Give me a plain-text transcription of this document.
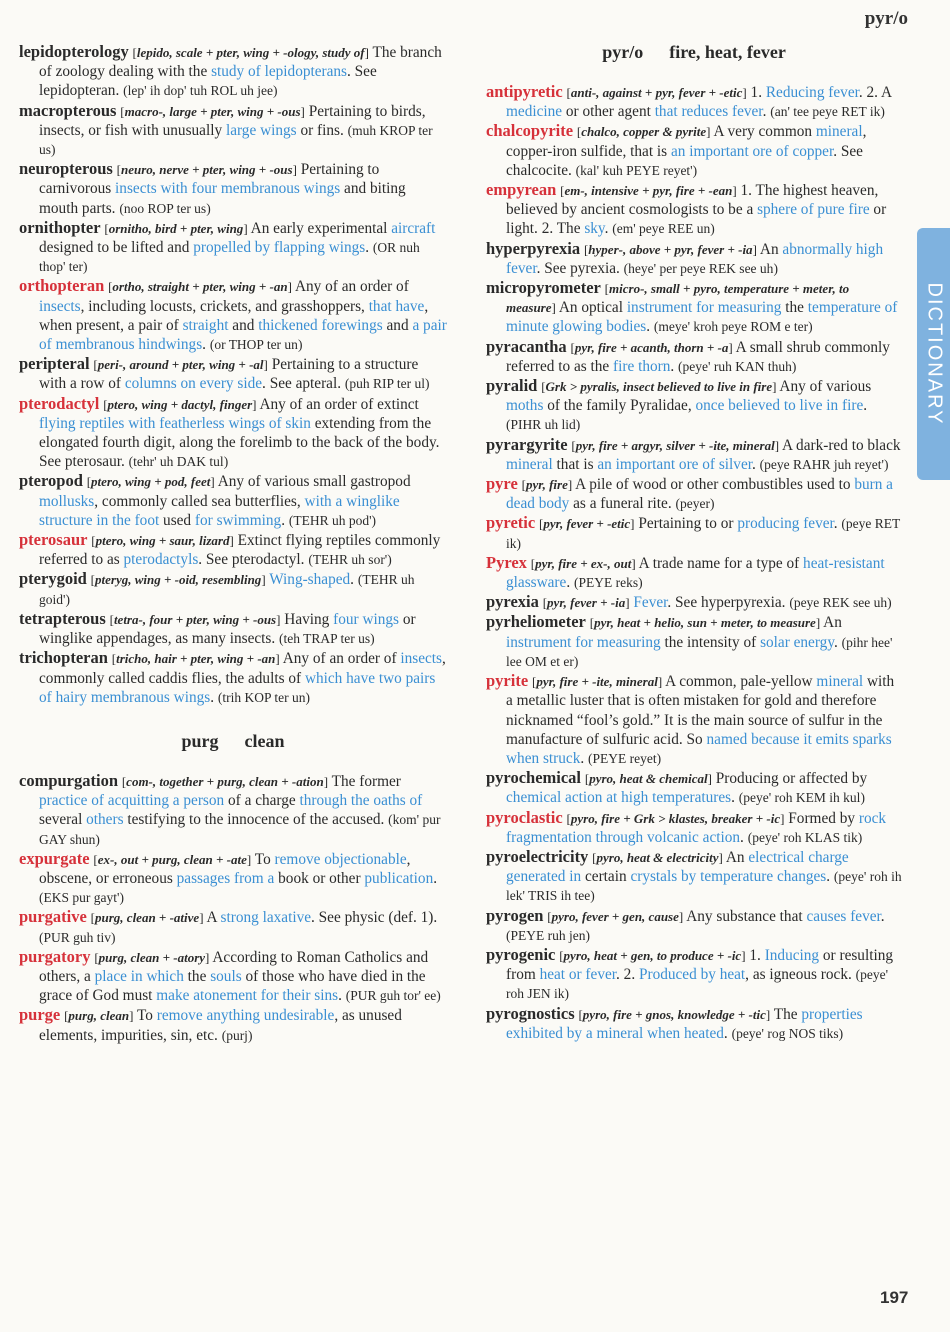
pyr/o

lepidopterology [ lepido, scale + pter, wing + -ology, study of ] The branch of zoology dealing with the study of lepidopterans. See lepidopteran. ( lep' ih dop' tuh ROL uh jee )

macropterous [ macro-, large + pter, wing + -ous ] Pertaining to birds, insects, or fish with unusually large wings or fins. ( muh KROP ter us )

neuropterous [ neuro, nerve + pter, wing + -ous ] Pertaining to carnivorous insects with four membranous wings and biting mouth parts. ( noo ROP ter us )

ornithopter [ ornitho, bird + pter, wing ] An early experimental aircraft designed to be lifted and propelled by flapping wings. ( OR nuh thop' ter )

orthopteran [ ortho, straight + pter, wing + -an ] Any of an order of insects, including locusts, crickets, and grasshoppers, that have, when present, a pair of straight and thickened forewings and a pair of membranous hindwings. ( or THOP ter un )

peripteral [ peri-, around + pter, wing + -al ] Pertaining to a structure with a row of columns on every side. See apteral. ( puh RIP ter ul )

pterodactyl [ ptero, wing + dactyl, finger ] Any of an order of extinct flying reptiles with featherless wings of skin extending from the elongated fourth digit, along the forelimb to the back of the body. See pterosaur. ( tehr' uh DAK tul )

pteropod [ ptero, wing + pod, feet ] Any of various small gastropod mollusks, commonly called sea butterflies, with a winglike structure in the foot used for swimming. ( TEHR uh pod' )

pterosaur [ ptero, wing + saur, lizard ] Extinct flying reptiles commonly referred to as pterodactyls. See pterodactyl. ( TEHR uh sor' )

pterygoid [ pteryg, wing + -oid, resembling ] Wing-shaped. ( TEHR uh goid' )

tetrapterous [ tetra-, four + pter, wing + -ous ] Having four wings or winglike appendages, as many insects. ( teh TRAP ter us )

trichopteran [ tricho, hair + pter, wing + -an ] Any of an order of insects, commonly called caddis flies, the adults of which have two pairs of hairy membranous wings. ( trih KOP ter un )

purg clean

compurgation [ com-, together + purg, clean + -ation ] The former practice of acquitting a person of a charge through the oaths of several others testifying to the innocence of the accused. ( kom' pur GAY shun )

expurgate [ ex-, out + purg, clean + -ate ] To remove objectionable, obscene, or erroneous passages from a book or other publication. ( EKS pur gayt' )

purgative [ purg, clean + -ative ] A strong laxative. See physic (def. 1). ( PUR guh tiv )

purgatory [ purg, clean + -atory ] According to Roman Catholics and others, a place in which the souls of those who have died in the grace of God must make atonement for their sins. ( PUR guh tor' ee )

purge [ purg, clean ] To remove anything undesirable, as unused elements, impurities, sin, etc. ( purj )

pyr/o fire, heat, fever

antipyretic [ anti-, against + pyr, fever + -etic ] 1. Reducing fever. 2. A medicine or other agent that reduces fever. ( an' tee peye RET ik )

chalcopyrite [ chalco, copper & pyrite ] A very common mineral, copper-iron sulfide, that is an important ore of copper. See chalcocite. ( kal' kuh PEYE reyet' )

empyrean [ em-, intensive + pyr, fire + -ean ] 1. The highest heaven, believed by ancient cosmologists to be a sphere of pure fire or light. 2. The sky. ( em' peye REE un )

hyperpyrexia [ hyper-, above + pyr, fever + -ia ] An abnormally high fever. See pyrexia. ( heye' per peye REK see uh )

micropyrometer [ micro-, small + pyro, temperature + meter, to measure ] An optical instrument for measuring the temperature of minute glowing bodies. ( meye' kroh peye ROM e ter )

pyracantha [ pyr, fire + acanth, thorn + -a ] A small shrub commonly referred to as the fire thorn. ( peye' ruh KAN thuh )

pyralid [ Grk > pyralis, insect believed to live in fire ] Any of various moths of the family Pyralidae, once believed to live in fire. ( PIHR uh lid )

pyrargyrite [ pyr, fire + argyr, silver + -ite, mineral ] A dark-red to black mineral that is an important ore of silver. ( peye RAHR juh reyet' )

pyre [ pyr, fire ] A pile of wood or other combustibles used to burn a dead body as a funeral rite. ( peyer )

pyretic [ pyr, fever + -etic ] Pertaining to or producing fever. ( peye RET ik )

Pyrex [ pyr, fire + ex-, out ] A trade name for a type of heat-resistant glassware. ( PEYE reks )

pyrexia [ pyr, fever + -ia ] Fever. See hyperpyrexia. ( peye REK see uh )

pyrheliometer [ pyr, heat + helio, sun + meter, to measure ] An instrument for measuring the intensity of solar energy. ( pihr hee' lee OM et er )

pyrite [ pyr, fire + -ite, mineral ] A common, pale-yellow mineral with a metallic luster that is often mistaken for gold and therefore nicknamed “fool’s gold.” It is the main source of sulfur in the manufacture of sulfuric acid. So named because it emits sparks when struck. ( PEYE reyet )

pyrochemical [ pyro, heat & chemical ] Producing or affected by chemical action at high temperatures. ( peye' roh KEM ih kul )

pyroclastic [ pyro, fire + Grk > klastes, breaker + -ic ] Formed by rock fragmentation through volcanic action. ( peye' roh KLAS tik )

pyroelectricity [ pyro, heat & electricity ] An electrical charge generated in certain crystals by temperature changes. ( peye' roh ih lek' TRIS ih tee )

pyrogen [ pyro, fever + gen, cause ] Any substance that causes fever. ( PEYE ruh jen )

pyrogenic [ pyro, heat + gen, to produce + -ic ] 1. Inducing or resulting from heat or fever. 2. Produced by heat, as igneous rock. ( peye' roh JEN ik )

pyrognostics [ pyro, fire + gnos, knowledge + -tic ] The properties exhibited by a mineral when heated. ( peye' rog NOS tiks )

DICTIONARY
197
